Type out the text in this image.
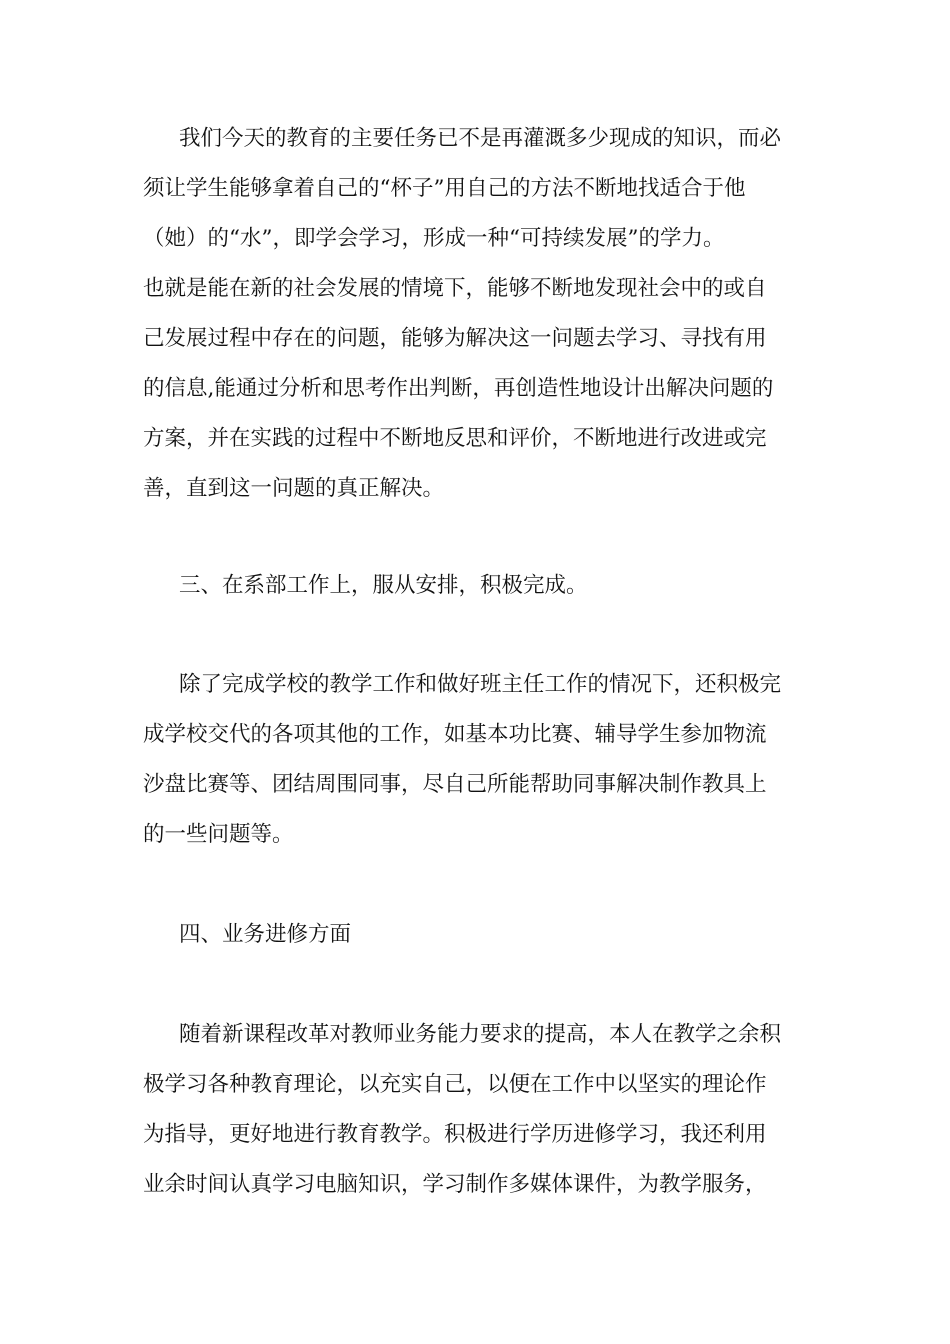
我们今天的教育的主要任务已不是再灌溉多少现成的知识，而必
须让学生能够拿着自己的“杯子”用自己的方法不断地找适合于他
（她）的“水”，即学会学习，形成一种“可持续发展”的学力。
也就是能在新的社会发展的情境下，能够不断地发现社会中的或自
己发展过程中存在的问题，能够为解决这一问题去学习、寻找有用
的信息,能通过分析和思考作出判断，再创造性地设计出解决问题的
方案，并在实践的过程中不断地反思和评价，不断地进行改进或完
善，直到这一问题的真正解决。
三、在系部工作上，服从安排，积极完成。
除了完成学校的教学工作和做好班主任工作的情况下，还积极完
成学校交代的各项其他的工作，如基本功比赛、辅导学生参加物流
沙盘比赛等、团结周围同事，尽自己所能帮助同事解决制作教具上
的一些问题等。
四、业务进修方面
随着新课程改革对教师业务能力要求的提高，本人在教学之余积
极学习各种教育理论，以充实自己，以便在工作中以坚实的理论作
为指导，更好地进行教育教学。积极进行学历进修学习，我还利用
业余时间认真学习电脑知识，学习制作多媒体课件，为教学服务，
